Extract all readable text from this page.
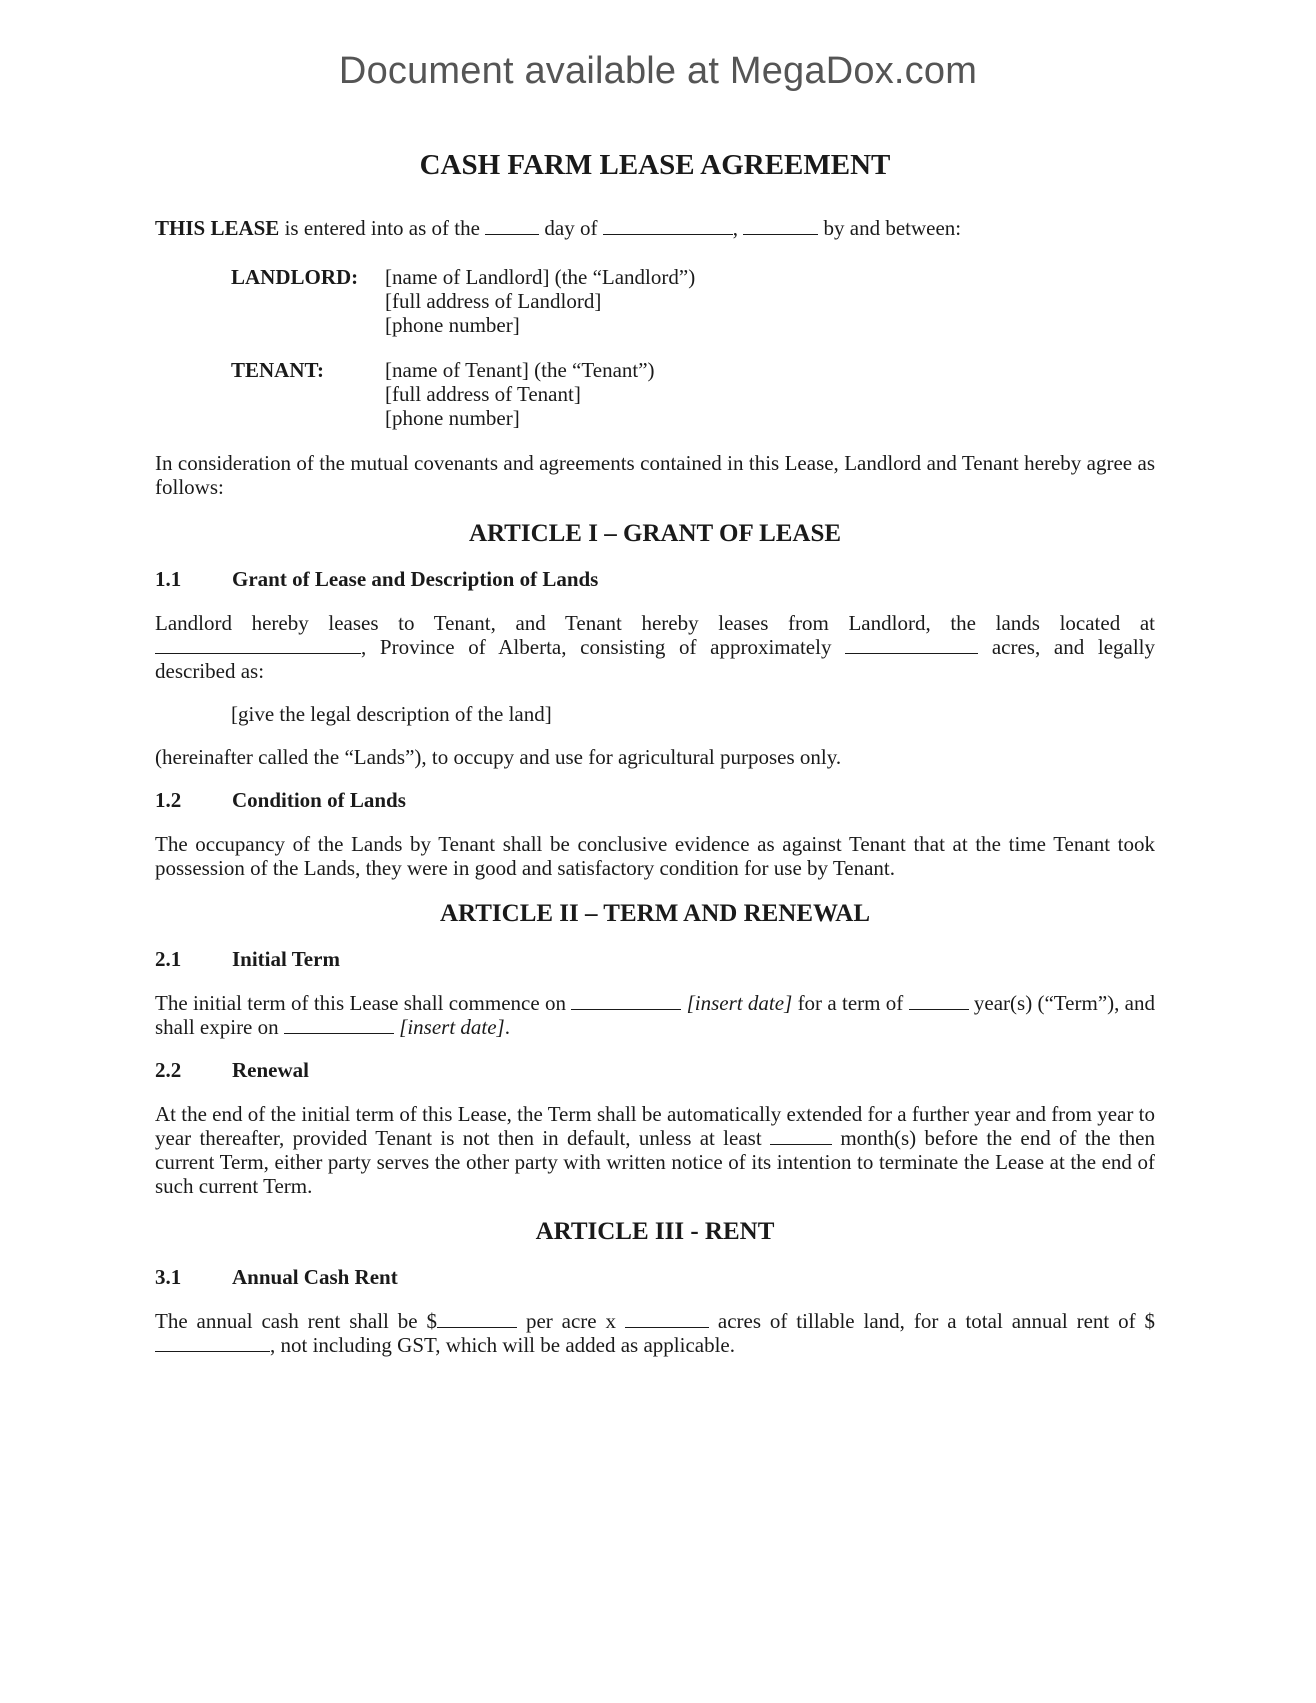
Document available at MegaDox.com
CASH FARM LEASE AGREEMENT

THIS LEASE is entered into as of the	day of	,	by and between:

LANDLORD:	[name of Landlord] (the “Landlord”)
[full address of Landlord]
[phone number]
TENANT:	[name of Tenant] (the “Tenant”)
[full address of Tenant]
[phone number]

In consideration of the mutual covenants and agreements contained in this Lease, Landlord and Tenant hereby agree as follows:

ARTICLE I – GRANT OF LEASE
1.1	Grant of Lease and Description of Lands

Landlord hereby leases to Tenant, and Tenant hereby leases from Landlord, the lands located at , Province of Alberta, consisting of approximately	acres, and legally described as:

[give the legal description of the land]

(hereinafter called the “Lands”), to occupy and use for agricultural purposes only.

1.2	Condition of Lands

The occupancy of the Lands by Tenant shall be conclusive evidence as against Tenant that at the time Tenant took possession of the Lands, they were in good and satisfactory condition for use by Tenant.

ARTICLE II – TERM AND RENEWAL
2.1	Initial Term

The initial term of this Lease shall commence on	[insert date] for a term of	year(s) (“Term”), and shall expire on	[insert date].

2.2	Renewal

At the end of the initial term of this Lease, the Term shall be automatically extended for a further year and from year to year thereafter, provided Tenant is not then in default, unless at least	month(s) before the end of the then current Term, either party serves the other party with written notice of its intention to terminate the Lease at the end of such current Term.

ARTICLE III - RENT
3.1	Annual Cash Rent

The annual cash rent shall be $	per acre x	acres of tillable land, for a total annual rent of $, not including GST, which will be added as applicable.
